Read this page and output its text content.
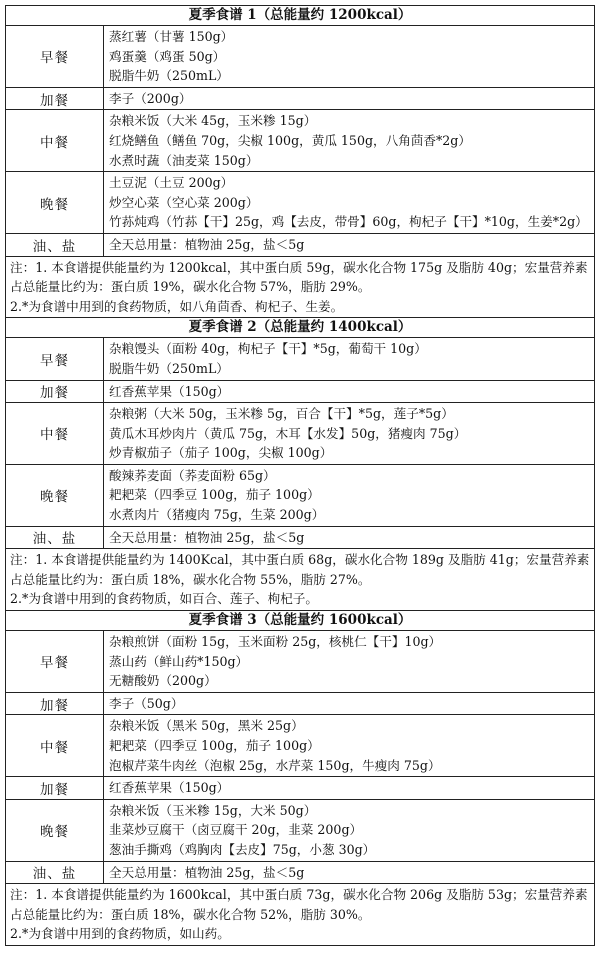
夏季食谱 1（总能量约 1200kcal）	
早餐	蒸红薯（甘薯 150g）
鸡蛋羹（鸡蛋 50g）
脱脂牛奶（250mL）

加餐	李子（200g）

中餐	杂粮米饭（大米 45g，玉米糁 15g）
红烧鳝鱼（鳝鱼 70g，尖椒 100g，黄瓜 150g，八角茴香*2g）
水煮时蔬（油麦菜 150g）

晚餐	土豆泥（土豆 200g）
炒空心菜（空心菜 200g）
竹荪炖鸡（竹荪【干】25g，鸡【去皮，带骨】60g，枸杞子【干】*10g，生姜*2g）

油、盐	全天总用量：植物油 25g，盐＜5g

注：1. 本食谱提供能量约为 1200kcal，其中蛋白质 59g，碳水化合物 175g 及脂肪 40g；宏量营养素占总能量比约为：蛋白质 19%，碳水化合物 57%，脂肪 29%。
2.*为食谱中用到的食药物质，如八角茴香、枸杞子、生姜。	

夏季食谱 2（总能量约 1400kcal）	
早餐	杂粮馒头（面粉 40g，枸杞子【干】*5g，葡萄干 10g）
脱脂牛奶（250mL）

加餐	红香蕉苹果（150g）

中餐	杂粮粥（大米 50g，玉米糁 5g，百合【干】*5g，莲子*5g）
黄瓜木耳炒肉片（黄瓜 75g，木耳【水发】50g，猪瘦肉 75g）
炒青椒茄子（茄子 100g，尖椒 100g）

晚餐	酸辣荞麦面（荞麦面粉 65g）
耙耙菜（四季豆 100g，茄子 100g）
水煮肉片（猪瘦肉 75g，生菜 200g）

油、盐	全天总用量：植物油 25g，盐＜5g

注：1. 本食谱提供能量约为 1400Kcal，其中蛋白质 68g，碳水化合物 189g 及脂肪 41g；宏量营养素占总能量比约为：蛋白质 18%，碳水化合物 55%，脂肪 27%。
2.*为食谱中用到的食药物质，如百合、莲子、枸杞子。	

夏季食谱 3（总能量约 1600kcal）	
早餐	杂粮煎饼（面粉 15g，玉米面粉 25g，核桃仁【干】10g）
蒸山药（鲜山药*150g）
无糖酸奶（200g）

加餐	李子（50g）

中餐	杂粮米饭（黑米 50g，黑米 25g）
耙耙菜（四季豆 100g，茄子 100g）
泡椒芹菜牛肉丝（泡椒 25g，水芹菜 150g，牛瘦肉 75g）

加餐	红香蕉苹果（150g）

晚餐	杂粮米饭（玉米糁 15g，大米 50g）
韭菜炒豆腐干（卤豆腐干 20g，韭菜 200g）
葱油手撕鸡（鸡胸肉【去皮】75g，小葱 30g）

油、盐	全天总用量：植物油 25g，盐＜5g

注：1. 本食谱提供能量约为 1600kcal，其中蛋白质 73g，碳水化合物 206g 及脂肪 53g；宏量营养素占总能量比约为：蛋白质 18%，碳水化合物 52%，脂肪 30%。
2.*为食谱中用到的食药物质，如山药。	
